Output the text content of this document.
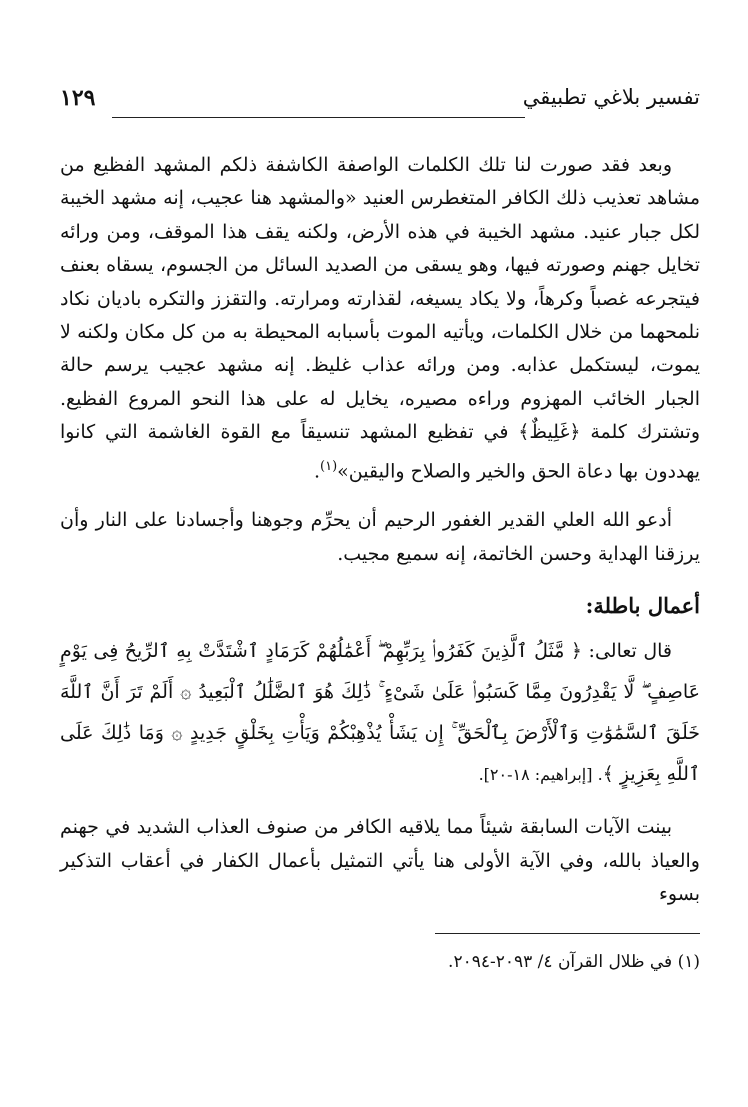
تفسير بلاغي تطبيقي
١٢٩

وبعد فقد صورت لنا تلك الكلمات الواصفة الكاشفة ذلكم المشهد الفظيع من مشاهد تعذيب ذلك الكافر المتغطرس العنيد «والمشهد هنا عجيب، إنه مشهد الخيبة لكل جبار عنيد. مشهد الخيبة في هذه الأرض، ولكنه يقف هذا الموقف، ومن ورائه تخايل جهنم وصورته فيها، وهو يسقى من الصديد السائل من الجسوم، يسقاه بعنف فيتجرعه غصباً وكرهاً، ولا يكاد يسيغه، لقذارته ومرارته. والتقزز والتكره باديان نكاد نلمحهما من خلال الكلمات، ويأتيه الموت بأسبابه المحيطة به من كل مكان ولكنه لا يموت، ليستكمل عذابه. ومن ورائه عذاب غليظ. إنه مشهد عجيب يرسم حالة الجبار الخائب المهزوم وراءه مصيره، يخايل له على هذا النحو المروع الفظيع. وتشترك كلمة ﴿غَلِيظٌ﴾ في تفظيع المشهد تنسيقاً مع القوة الغاشمة التي كانوا يهددون بها دعاة الحق والخير والصلاح واليقين»$^{(١)}$.

أدعو الله العلي القدير الغفور الرحيم أن يحرِّم وجوهنا وأجسادنا على النار وأن يرزقنا الهداية وحسن الخاتمة، إنه سميع مجيب.

أعمال باطلة:
قال تعالى: ﴿ مَّثَلُ ٱلَّذِينَ كَفَرُوا۟ بِرَبِّهِمْ ۖ أَعْمَٰلُهُمْ كَرَمَادٍ ٱشْتَدَّتْ بِهِ ٱلرِّيحُ فِى يَوْمٍ عَاصِفٍ ۖ لَّا يَقْدِرُونَ مِمَّا كَسَبُوا۟ عَلَىٰ شَىْءٍ ۚ ذَٰلِكَ هُوَ ٱلضَّلَٰلُ ٱلْبَعِيدُ ۞ أَلَمْ تَرَ أَنَّ ٱللَّهَ خَلَقَ ٱلسَّمَٰوَٰتِ وَٱلْأَرْضَ بِٱلْحَقِّ ۚ إِن يَشَأْ يُذْهِبْكُمْ وَيَأْتِ بِخَلْقٍ جَدِيدٍ ۞ وَمَا ذَٰلِكَ عَلَى ٱللَّهِ بِعَزِيزٍ ﴾. [إبراهيم: ١٨-٢٠].

بينت الآيات السابقة شيئاً مما يلاقيه الكافر من صنوف العذاب الشديد في جهنم والعياذ بالله، وفي الآية الأولى هنا يأتي التمثيل بأعمال الكفار في أعقاب التذكير بسوء

(١) في ظلال القرآن ٤/ ٢٠٩٣-٢٠٩٤.
